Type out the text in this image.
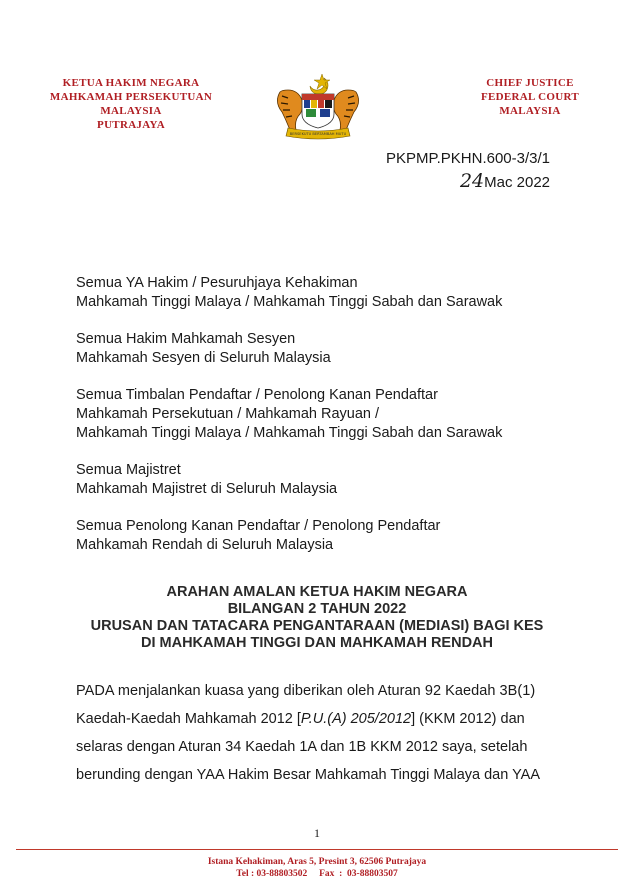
KETUA HAKIM NEGARA
MAHKAMAH PERSEKUTUAN
MALAYSIA
PUTRAJAYA
CHIEF JUSTICE
FEDERAL COURT
MALAYSIA
BERSEKUTU BERTAMBAH MUTU
PKPMP.PKHN.600-3/3/1
24Mac 2022
Semua YA Hakim / Pesuruhjaya Kehakiman
Mahkamah Tinggi Malaya / Mahkamah Tinggi Sabah dan Sarawak
Semua Hakim Mahkamah Sesyen
Mahkamah Sesyen di Seluruh Malaysia
Semua Timbalan Pendaftar / Penolong Kanan Pendaftar
Mahkamah Persekutuan / Mahkamah Rayuan /
Mahkamah Tinggi Malaya / Mahkamah Tinggi Sabah dan Sarawak
Semua Majistret
Mahkamah Majistret di Seluruh Malaysia
Semua Penolong Kanan Pendaftar / Penolong Pendaftar
Mahkamah Rendah di Seluruh Malaysia
ARAHAN AMALAN KETUA HAKIM NEGARA
BILANGAN 2 TAHUN 2022
URUSAN DAN TATACARA PENGANTARAAN (MEDIASI) BAGI KES
DI MAHKAMAH TINGGI DAN MAHKAMAH RENDAH
PADA menjalankan kuasa yang diberikan oleh Aturan 92 Kaedah 3B(1)
Kaedah-Kaedah Mahkamah 2012 [P.U.(A) 205/2012] (KKM 2012) dan
selaras dengan Aturan 34 Kaedah 1A dan 1B KKM 2012 saya, setelah
berunding dengan YAA Hakim Besar Mahkamah Tinggi Malaya dan YAA
1
Istana Kehakiman, Aras 5, Presint 3, 62506 Putrajaya
Tel : 03-88803502     Fax  :  03-88803507
